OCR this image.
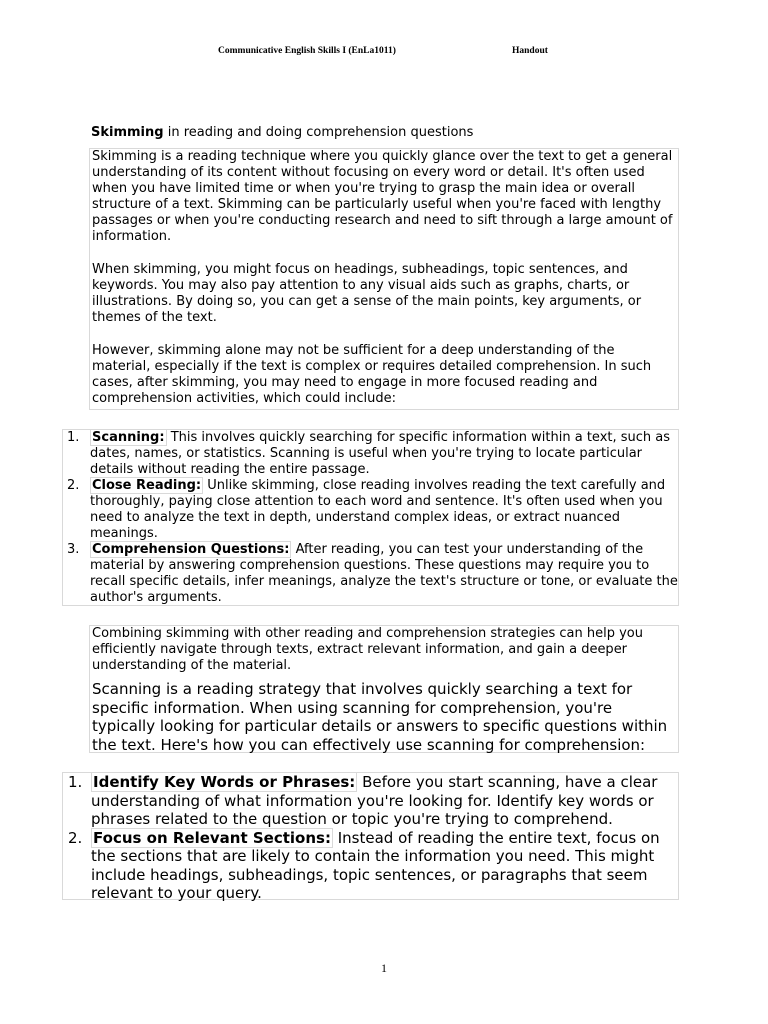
Communicative English Skills I (EnLa1011)	Handout
Skimming in reading and doing comprehension questions

Skimming is a reading technique where you quickly glance over the text to get a general understanding of its content without focusing on every word or detail. It's often used when you have limited time or when you're trying to grasp the main idea or overall structure of a text. Skimming can be particularly useful when you're faced with lengthy passages or when you're conducting research and need to sift through a large amount of information.

When skimming, you might focus on headings, subheadings, topic sentences, and keywords. You may also pay attention to any visual aids such as graphs, charts, or illustrations. By doing so, you can get a sense of the main points, key arguments, or themes of the text.

However, skimming alone may not be sufficient for a deep understanding of the material, especially if the text is complex or requires detailed comprehension. In such cases, after skimming, you may need to engage in more focused reading and comprehension activities, which could include:

1. Scanning: This involves quickly searching for specific information within a text, such as dates, names, or statistics. Scanning is useful when you're trying to locate particular details without reading the entire passage.
2. Close Reading: Unlike skimming, close reading involves reading the text carefully and thoroughly, paying close attention to each word and sentence. It's often used when you need to analyze the text in depth, understand complex ideas, or extract nuanced meanings.
3. Comprehension Questions: After reading, you can test your understanding of the material by answering comprehension questions. These questions may require you to recall specific details, infer meanings, analyze the text's structure or tone, or evaluate the author's arguments.

Combining skimming with other reading and comprehension strategies can help you efficiently navigate through texts, extract relevant information, and gain a deeper understanding of the material.

Scanning is a reading strategy that involves quickly searching a text for specific information. When using scanning for comprehension, you're typically looking for particular details or answers to specific questions within the text. Here's how you can effectively use scanning for comprehension:

1. Identify Key Words or Phrases: Before you start scanning, have a clear understanding of what information you're looking for. Identify key words or phrases related to the question or topic you're trying to comprehend.
2. Focus on Relevant Sections: Instead of reading the entire text, focus on the sections that are likely to contain the information you need. This might include headings, subheadings, topic sentences, or paragraphs that seem relevant to your query.
1
